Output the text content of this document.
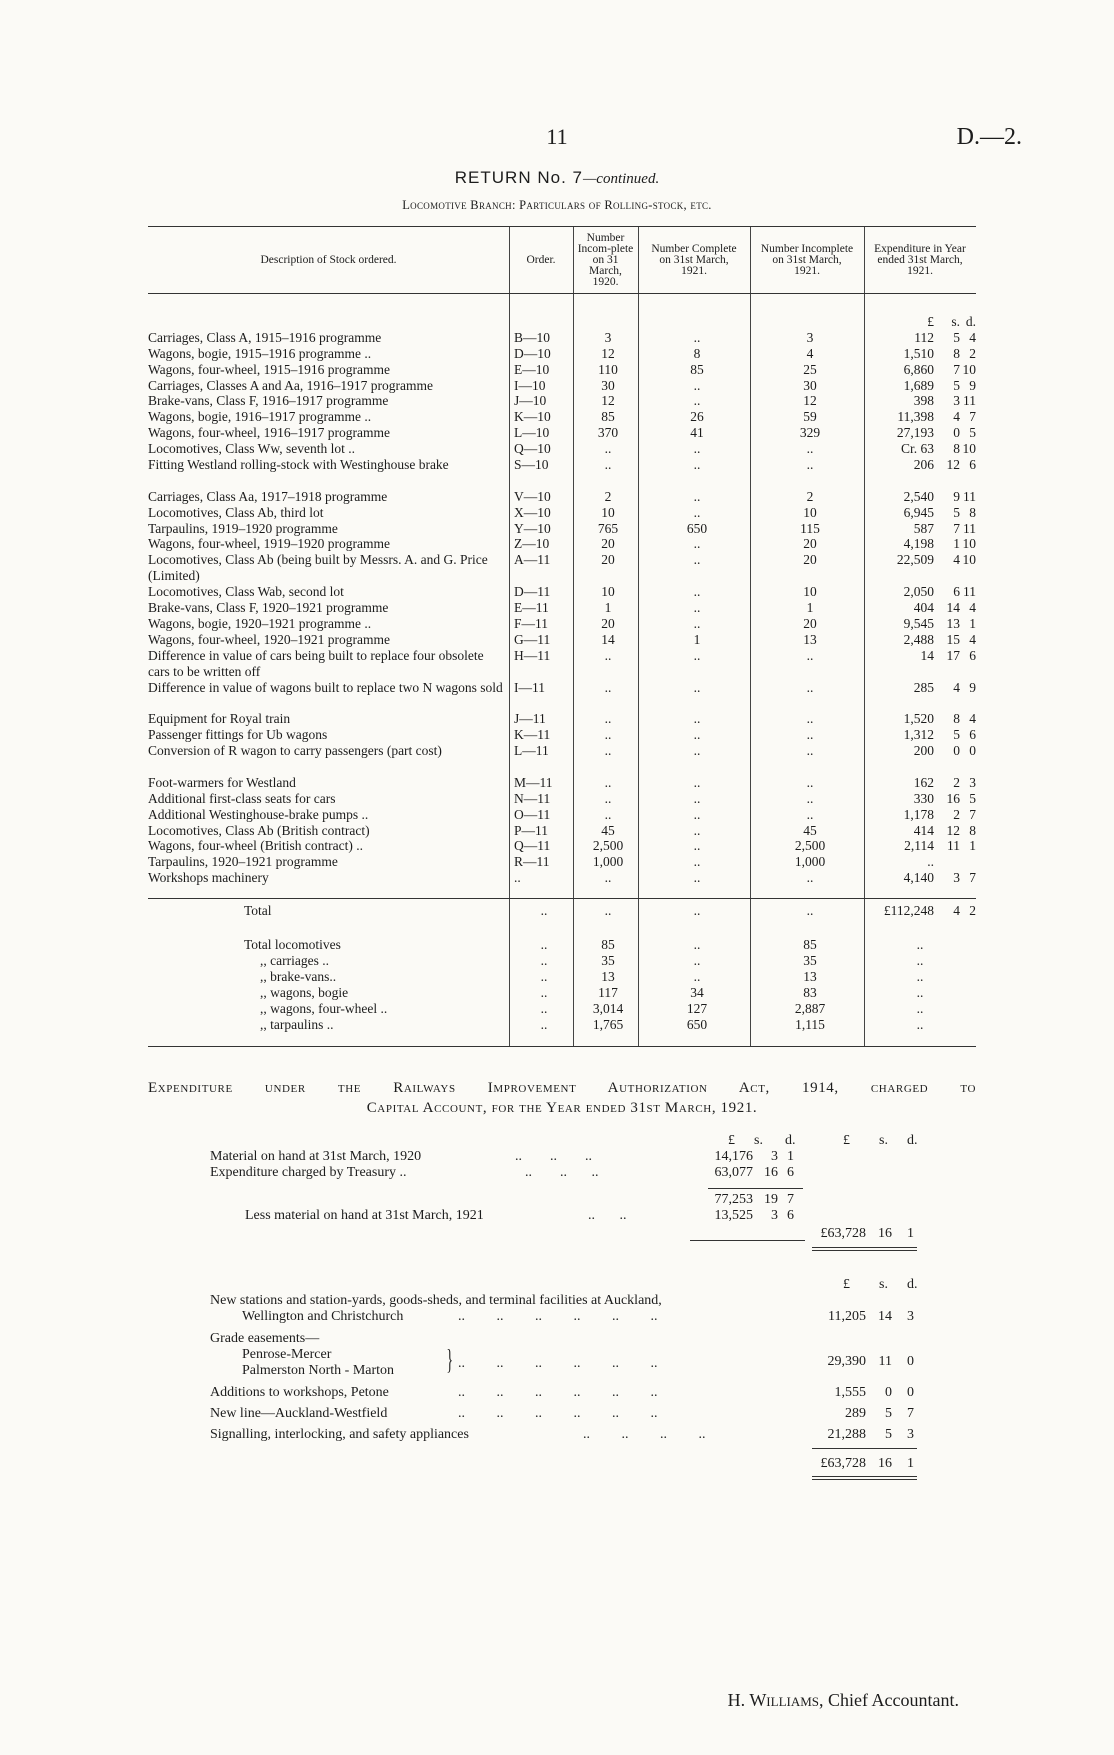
11	D.—2.
RETURN No. 7—continued.
Locomotive Branch: Particulars of Rolling-stock, etc.
Description of Stock ordered.	Order.
Number Incom-plete on 31 March, 1920.
Number Complete on 31st March, 1921.
Number Incomplete on 31st March, 1921.
Expenditure in Year ended 31st March, 1921.
£	s. d.
Carriages, Class A, 1915–1916 programme	B—10	3	..	3	112	5 4
Wagons, bogie, 1915–1916 programme ..	D—10	12	8	4	1,510	8 2
Wagons, four-wheel, 1915–1916 programme	E—10	110	85	25	6,860	7 10
Carriages, Classes A and Aa, 1916–1917 programme	I—10	30	..	30	1,689	5 9
Brake-vans, Class F, 1916–1917 programme	J—10	12	..	12	398	3 11
Wagons, bogie, 1916–1917 programme ..	K—10	85	26	59	11,398	4 7
Wagons, four-wheel, 1916–1917 programme	L—10	370	41	329	27,193	0 5
Locomotives, Class Ww, seventh lot ..	Q—10	..	..	..	Cr. 63	8 10
Fitting Westland rolling-stock with Westinghouse brake	S—10	..	..	..	206 12 6
Carriages, Class Aa, 1917–1918 programme	V—10	2	..	2	2,540	9 11
Locomotives, Class Ab, third lot	X—10	10	..	10	6,945	5 8
Tarpaulins, 1919–1920 programme	Y—10	765	650	115	587	7 11
Wagons, four-wheel, 1919–1920 programme	Z—10	20	..	20	4,198	1 10
Locomotives, Class Ab (being built by Messrs. A. and G. Price (Limited)
A—11	20	..	20	22,509	4 10
Locomotives, Class Wab, second lot	D—11	10	..	10	2,050	6 11
Brake-vans, Class F, 1920–1921 programme	E—11	1	..	1	404 14 4
Wagons, bogie, 1920–1921 programme ..	F—11	20	..	20	9,545 13 1
Wagons, four-wheel, 1920–1921 programme	G—11	14	1	13	2,488 15 4
Difference in value of cars being built to replace four obsolete cars to be written off
H—11	..	..	..	14 17 6
Difference in value of wagons built to replace two N wagons sold I—11	..	..	..	285	4 9
Equipment for Royal train	J—11	..	..	..	1,520	8 4
Passenger fittings for Ub wagons	K—11	..	..	..	1,312	5 6
Conversion of R wagon to carry passengers (part cost)	L—11	..	..	..	200	0 0
Foot-warmers for Westland	M—11	..	..	..	162	2 3
Additional first-class seats for cars	N—11	..	..	..	330 16 5
Additional Westinghouse-brake pumps ..	O—11	..	..	..	1,178	2 7
Locomotives, Class Ab (British contract)	P—11	45	..	45	414 12 8
Wagons, four-wheel (British contract) ..	Q—11	2,500	..	2,500	2,114 11 1
Tarpaulins, 1920–1921 programme	R—11	1,000	..	1,000	..
Workshops machinery	..	..	..	..	4,140	3 7
Total	..	..	..	..	£112,248	4 2
Total locomotives	..	85	..	85	..
,, carriages ..	..	35	..	35	..
,, brake-vans..	..	13	..	13	..
,, wagons, bogie	..	117	34	83	..
,, wagons, four-wheel ..	..	3,014	127	2,887	..
,, tarpaulins ..	..	1,765	650	1,115	..
Expenditure under the Railways Improvement Authorization Act, 1914, charged to
Capital Account, for the Year ended 31st March, 1921.
£ s. d.	£ s. d.
Material on hand at 31st March, 1920	..        ..        ..	14,176	3 1
Expenditure charged by Treasury ..	..        ..       ..	63,077 16 6
77,253 19 7
Less material on hand at 31st March, 1921	..       ..	13,525	3 6
£63,728 16 1
£ s. d.
New stations and station-yards, goods-sheds, and terminal facilities at Auckland,
Wellington and Christchurch	..         ..         ..         ..         ..         ..	11,205 14 3
Grade easements—
Penrose-Mercer
Palmerston North - Marton } ..         ..         ..         ..         ..         ..	29,390 11 0
Additions to workshops, Petone	..         ..         ..         ..         ..         ..	1,555	0 0
New line—Auckland-Westfield	..         ..         ..         ..         ..         ..	289	5 7
Signalling, interlocking, and safety appliances	..         ..         ..         ..	21,288	5 3
£63,728 16 1
H. Williams, Chief Accountant.
